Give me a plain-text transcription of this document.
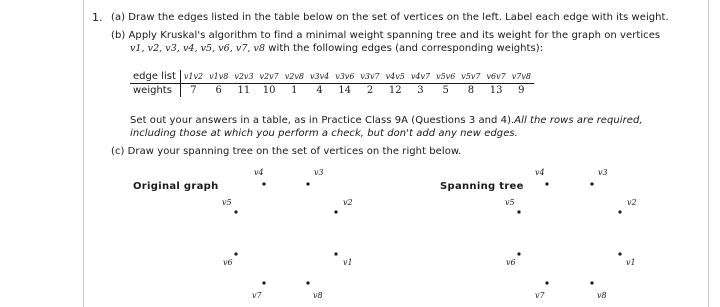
1. (a) Draw the edges listed in the table below on the set of vertices on the left. Label each edge with its weight.
(b) Apply Kruskal's algorithm to find a minimal weight spanning tree and its weight for the graph on vertices
v1, v2, v3, v4, v5, v6, v7, v8 with the following edges (and corresponding weights):
edge list	v1v2	v1v8	v2v3	v2v7	v2v8	v3v4	v3v6	v3v7	v4v5	v4v7	v5v6	v5v7	v6v7	v7v8
weights	7	6	11	10	1	4	14	2	12	3	5	8	13	9
Set out your answers in a table, as in Practice Class 9A (Questions 3 and 4).All the rows are required,
including those at which you perform a check, but don't add any new edges.
(c) Draw your spanning tree on the set of vertices on the right below.
Original graph	Spanning tree
v4	v3
v5	v2
v6	v1
v7	v8
v4	v3
v5	v2
v6	v1
v7	v8
